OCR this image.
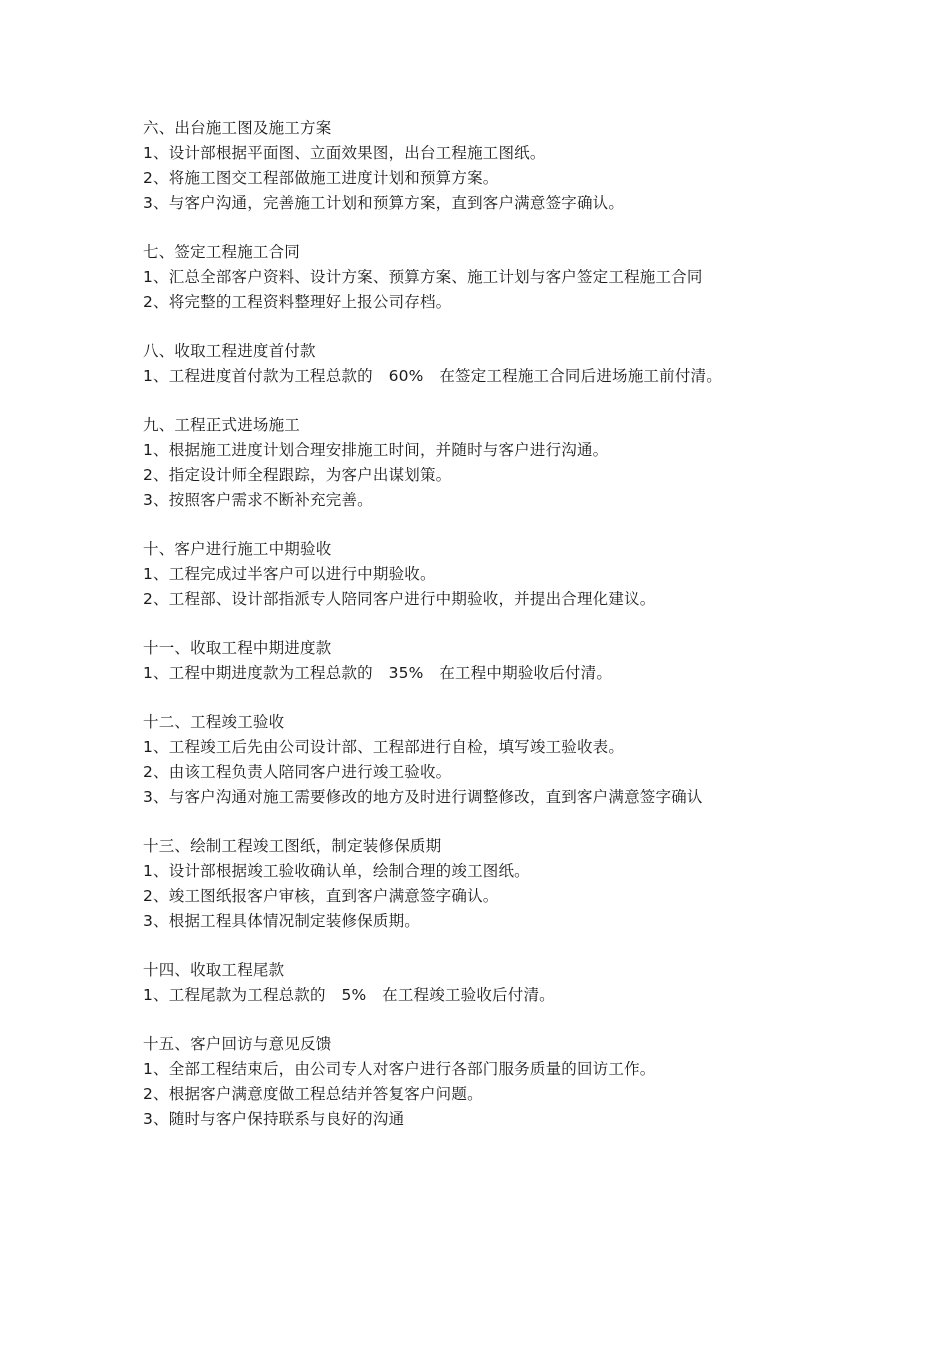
六、出台施工图及施工方案
1、设计部根据平面图、立面效果图，出台工程施工图纸。
2、将施工图交工程部做施工进度计划和预算方案。
3、与客户沟通，完善施工计划和预算方案，直到客户满意签字确认。
七、签定工程施工合同
1、汇总全部客户资料、设计方案、预算方案、施工计划与客户签定工程施工合同
2、将完整的工程资料整理好上报公司存档。
八、收取工程进度首付款
1、工程进度首付款为工程总款的　60%　在签定工程施工合同后进场施工前付清。
九、工程正式进场施工
1、根据施工进度计划合理安排施工时间，并随时与客户进行沟通。
2、指定设计师全程跟踪，为客户出谋划策。
3、按照客户需求不断补充完善。
十、客户进行施工中期验收
1、工程完成过半客户可以进行中期验收。
2、工程部、设计部指派专人陪同客户进行中期验收，并提出合理化建议。
十一、收取工程中期进度款
1、工程中期进度款为工程总款的　35%　在工程中期验收后付清。
十二、工程竣工验收
1、工程竣工后先由公司设计部、工程部进行自检，填写竣工验收表。
2、由该工程负责人陪同客户进行竣工验收。
3、与客户沟通对施工需要修改的地方及时进行调整修改，直到客户满意签字确认
十三、绘制工程竣工图纸，制定装修保质期
1、设计部根据竣工验收确认单，绘制合理的竣工图纸。
2、竣工图纸报客户审核，直到客户满意签字确认。
3、根据工程具体情况制定装修保质期。
十四、收取工程尾款
1、工程尾款为工程总款的　5%　在工程竣工验收后付清。
十五、客户回访与意见反馈
1、全部工程结束后，由公司专人对客户进行各部门服务质量的回访工作。
2、根据客户满意度做工程总结并答复客户问题。
3、随时与客户保持联系与良好的沟通
